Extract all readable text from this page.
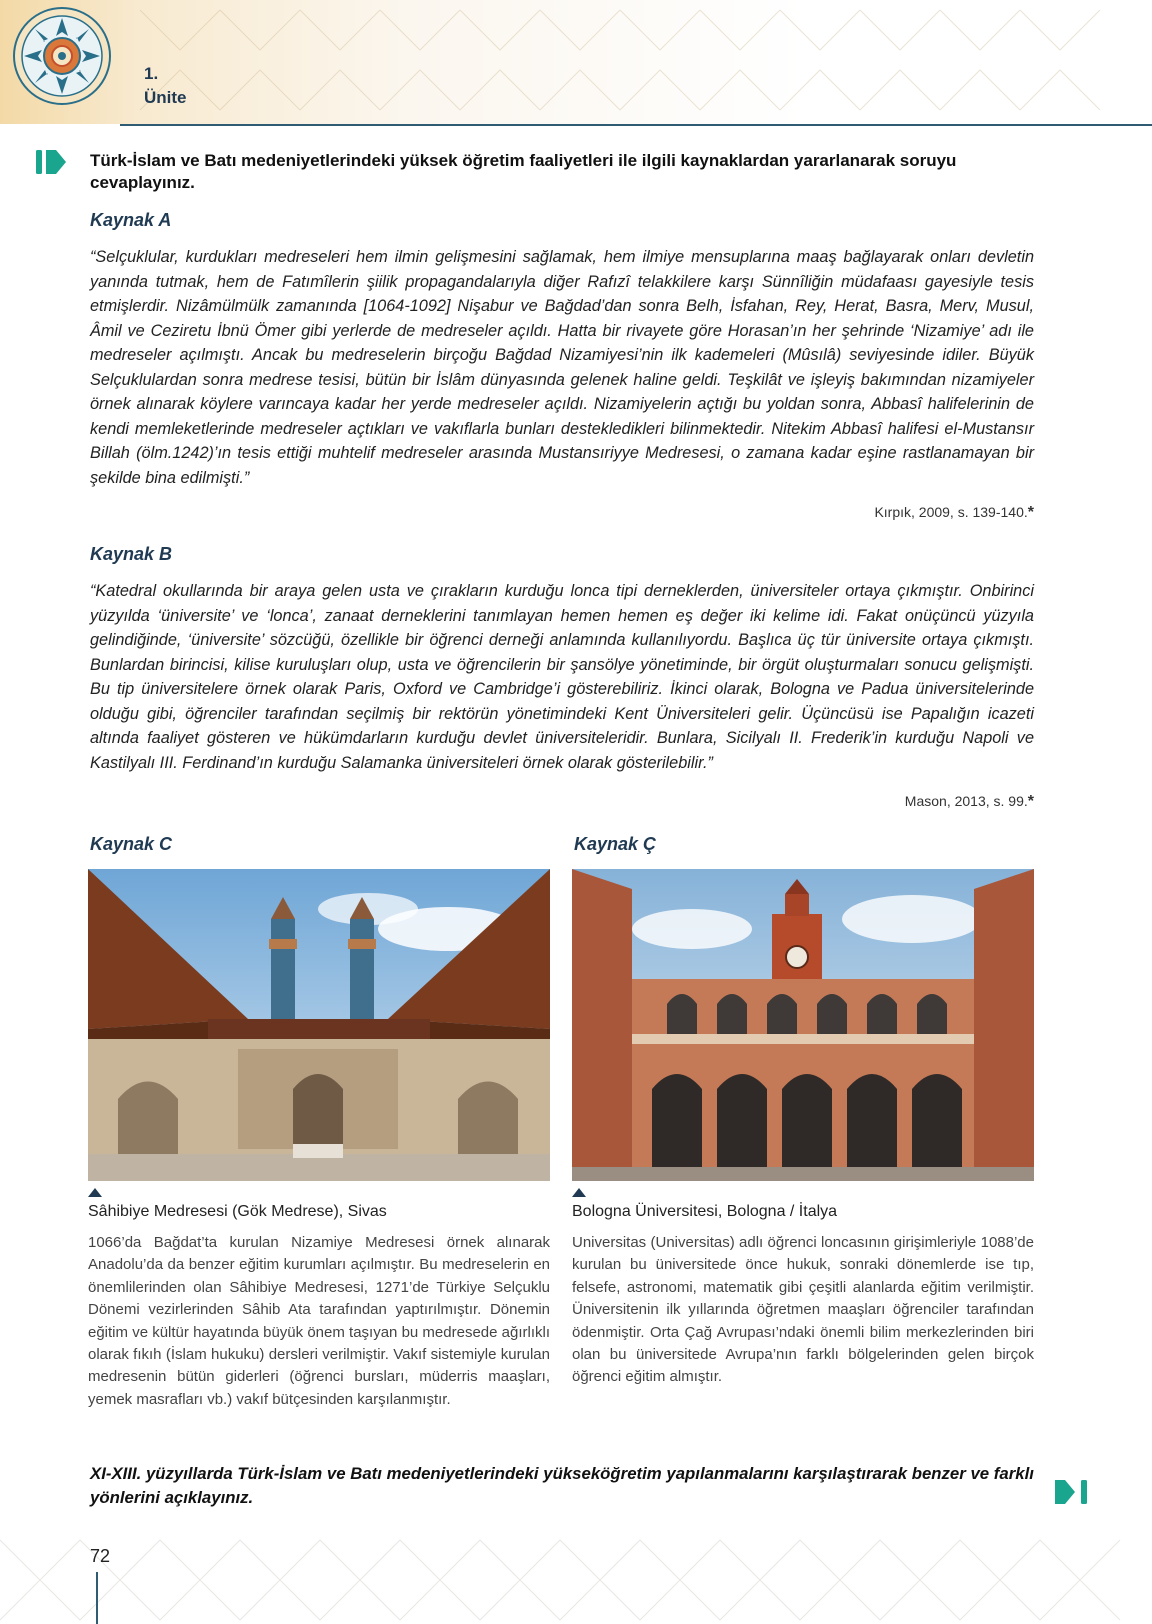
1.
Ünite
Türk-İslam ve Batı medeniyetlerindeki yüksek öğretim faaliyetleri ile ilgili kaynaklardan yararlanarak soruyu cevaplayınız.
Kaynak A
“Selçuklular, kurdukları medreseleri hem ilmin gelişmesini sağlamak, hem ilmiye mensuplarına maaş bağlayarak onları devletin yanında tutmak, hem de Fatımîlerin şiilik propagandalarıyla diğer Rafızî telakkilere karşı Sünnîliğin müdafaası gayesiyle tesis etmişlerdir. Nizâmülmülk zamanında [1064-1092] Nişabur ve Bağdad’dan sonra Belh, İsfahan, Rey, Herat, Basra, Merv, Musul, Âmil ve Ceziretu İbnü Ömer gibi yerlerde de medreseler açıldı. Hatta bir rivayete göre Horasan’ın her şehrinde ‘Nizamiye’ adı ile medreseler açılmıştı. Ancak bu medreselerin birçoğu Bağdad Nizamiyesi’nin ilk kademeleri (Mûsılâ) seviyesinde idiler. Büyük Selçuklulardan sonra medrese tesisi, bütün bir İslâm dünyasında gelenek haline geldi. Teşkilât ve işleyiş bakımından nizamiyeler örnek alınarak köylere varıncaya kadar her yerde medreseler açıldı. Nizamiyelerin açtığı bu yoldan sonra, Abbasî halifelerinin de kendi memleketlerinde medreseler açtıkları ve vakıflarla bunları destekledikleri bilinmektedir. Nitekim Abbasî halifesi el-Mustansır Billah (ölm.1242)’ın tesis ettiği muhtelif medreseler arasında Mustansıriyye Medresesi, o zamana kadar eşine rastlanamayan bir şekilde bina edilmişti.”
Kırpık, 2009, s. 139-140.*
Kaynak B
“Katedral okullarında bir araya gelen usta ve çırakların kurduğu lonca tipi derneklerden, üniversiteler ortaya çıkmıştır. Onbirinci yüzyılda ‘üniversite’ ve ‘lonca’, zanaat derneklerini tanımlayan hemen hemen eş değer iki kelime idi. Fakat onüçüncü yüzyıla gelindiğinde, ‘üniversite’ sözcüğü, özellikle bir öğrenci derneği anlamında kullanılıyordu. Başlıca üç tür üniversite ortaya çıkmıştı. Bunlardan birincisi, kilise kuruluşları olup, usta ve öğrencilerin bir şansölye yönetiminde, bir örgüt oluşturmaları sonucu gelişmişti. Bu tip üniversitelere örnek olarak Paris, Oxford ve Cambridge’i gösterebiliriz. İkinci olarak, Bologna ve Padua üniversitelerinde olduğu gibi, öğrenciler tarafından seçilmiş bir rektörün yönetimindeki Kent Üniversiteleri gelir. Üçüncüsü ise Papalığın icazeti altında faaliyet gösteren ve hükümdarların kurduğu devlet üniversiteleridir. Bunlara, Sicilyalı II. Frederik’in kurduğu Napoli ve Kastilyalı III. Ferdinand’ın kurduğu Salamanka üniversiteleri örnek olarak gösterilebilir.”
Mason, 2013, s. 99.*
Kaynak C	Kaynak Ç
Sâhibiye Medresesi (Gök Medrese), Sivas	Bologna Üniversitesi, Bologna / İtalya
1066’da Bağdat’ta kurulan Nizamiye Medresesi örnek alınarak Anadolu’da da benzer eğitim kurumları açılmıştır. Bu medreselerin en önemlilerinden olan Sâhibiye Medresesi, 1271’de Türkiye Selçuklu Dönemi vezirlerinden Sâhib Ata tarafından yaptırılmıştır. Dönemin eğitim ve kültür hayatında büyük önem taşıyan bu medresede ağırlıklı olarak fıkıh (İslam hukuku) dersleri verilmiştir. Vakıf sistemiyle kurulan medresenin bütün giderleri (öğrenci bursları, müderris maaşları, yemek masrafları vb.) vakıf bütçesinden karşılanmıştır.
Universitas (Universitas) adlı öğrenci loncasının girişimleriyle 1088’de kurulan bu üniversitede önce hukuk, sonraki dönemlerde ise tıp, felsefe, astronomi, matematik gibi çeşitli alanlarda eğitim verilmiştir. Üniversitenin ilk yıllarında öğretmen maaşları öğrenciler tarafından ödenmiştir. Orta Çağ Avrupası’ndaki önemli bilim merkezlerinden biri olan bu üniversitede Avrupa’nın farklı bölgelerinden gelen birçok öğrenci eğitim almıştır.
XI-XIII. yüzyıllarda Türk-İslam ve Batı medeniyetlerindeki yükseköğretim yapılanmalarını karşılaştırarak benzer ve farklı yönlerini açıklayınız.
72
